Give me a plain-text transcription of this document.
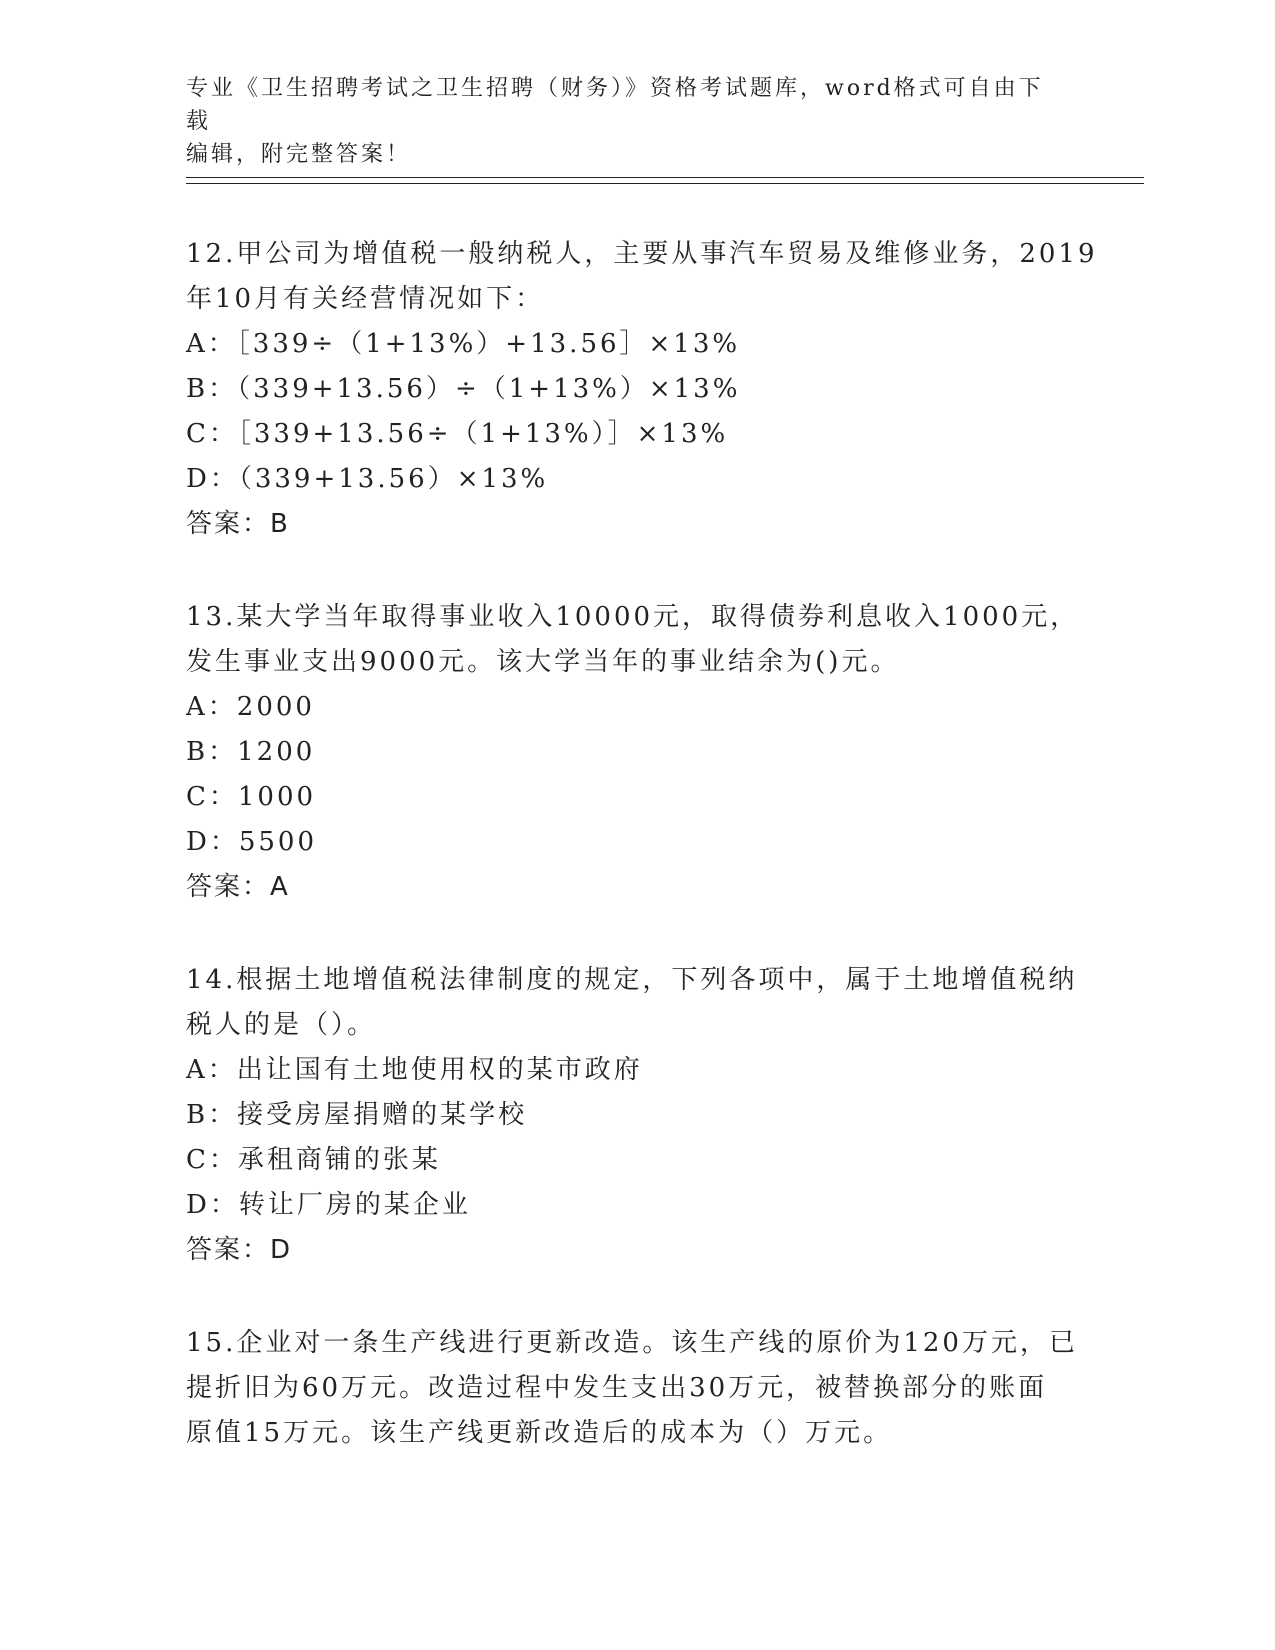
专业《卫生招聘考试之卫生招聘（财务）》资格考试题库，word格式可自由下载
编辑，附完整答案！
12.甲公司为增值税一般纳税人，主要从事汽车贸易及维修业务，2019
年10月有关经营情况如下：
A：［339÷（1+13%）+13.56］×13%
B：（339+13.56）÷（1+13%）×13%
C：［339+13.56÷（1+13%）］×13%
D：（339+13.56）×13%
答案：B
13.某大学当年取得事业收入10000元，取得债券利息收入1000元，
发生事业支出9000元。该大学当年的事业结余为()元。
A：2000
B：1200
C：1000
D：5500
答案：A
14.根据土地增值税法律制度的规定，下列各项中，属于土地增值税纳
税人的是（）。
A：出让国有土地使用权的某市政府
B：接受房屋捐赠的某学校
C：承租商铺的张某
D：转让厂房的某企业
答案：D
15.企业对一条生产线进行更新改造。该生产线的原价为120万元，已
提折旧为60万元。改造过程中发生支出30万元，被替换部分的账面
原值15万元。该生产线更新改造后的成本为（）万元。
